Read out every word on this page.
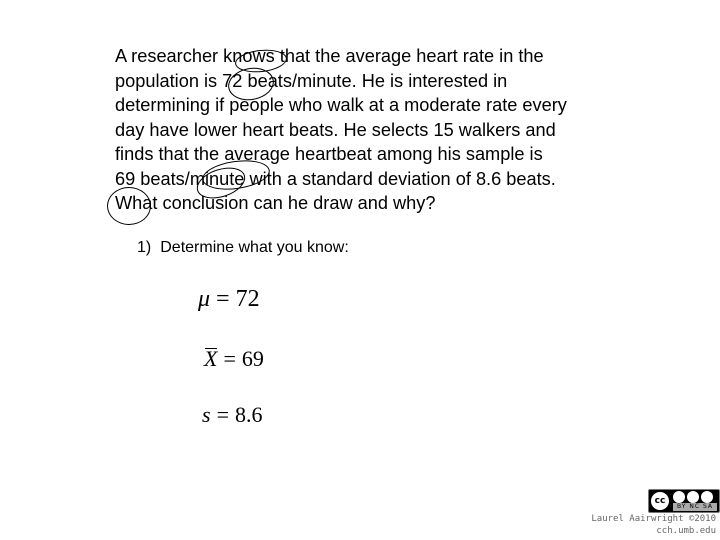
A researcher knows that the average heart rate in the
population is 72 beats/minute. He is interested in
determining if people who walk at a moderate rate every
day have lower heart beats. He selects 15 walkers and
finds that the average heartbeat among his sample is
69 beats/minute with a standard deviation of 8.6 beats.
What conclusion can he draw and why?
1) Determine what you know:
μ = 72
X = 69
s = 8.6
cc
BY NC SA
Laurel Aairwright ©2010
cch.umb.edu
